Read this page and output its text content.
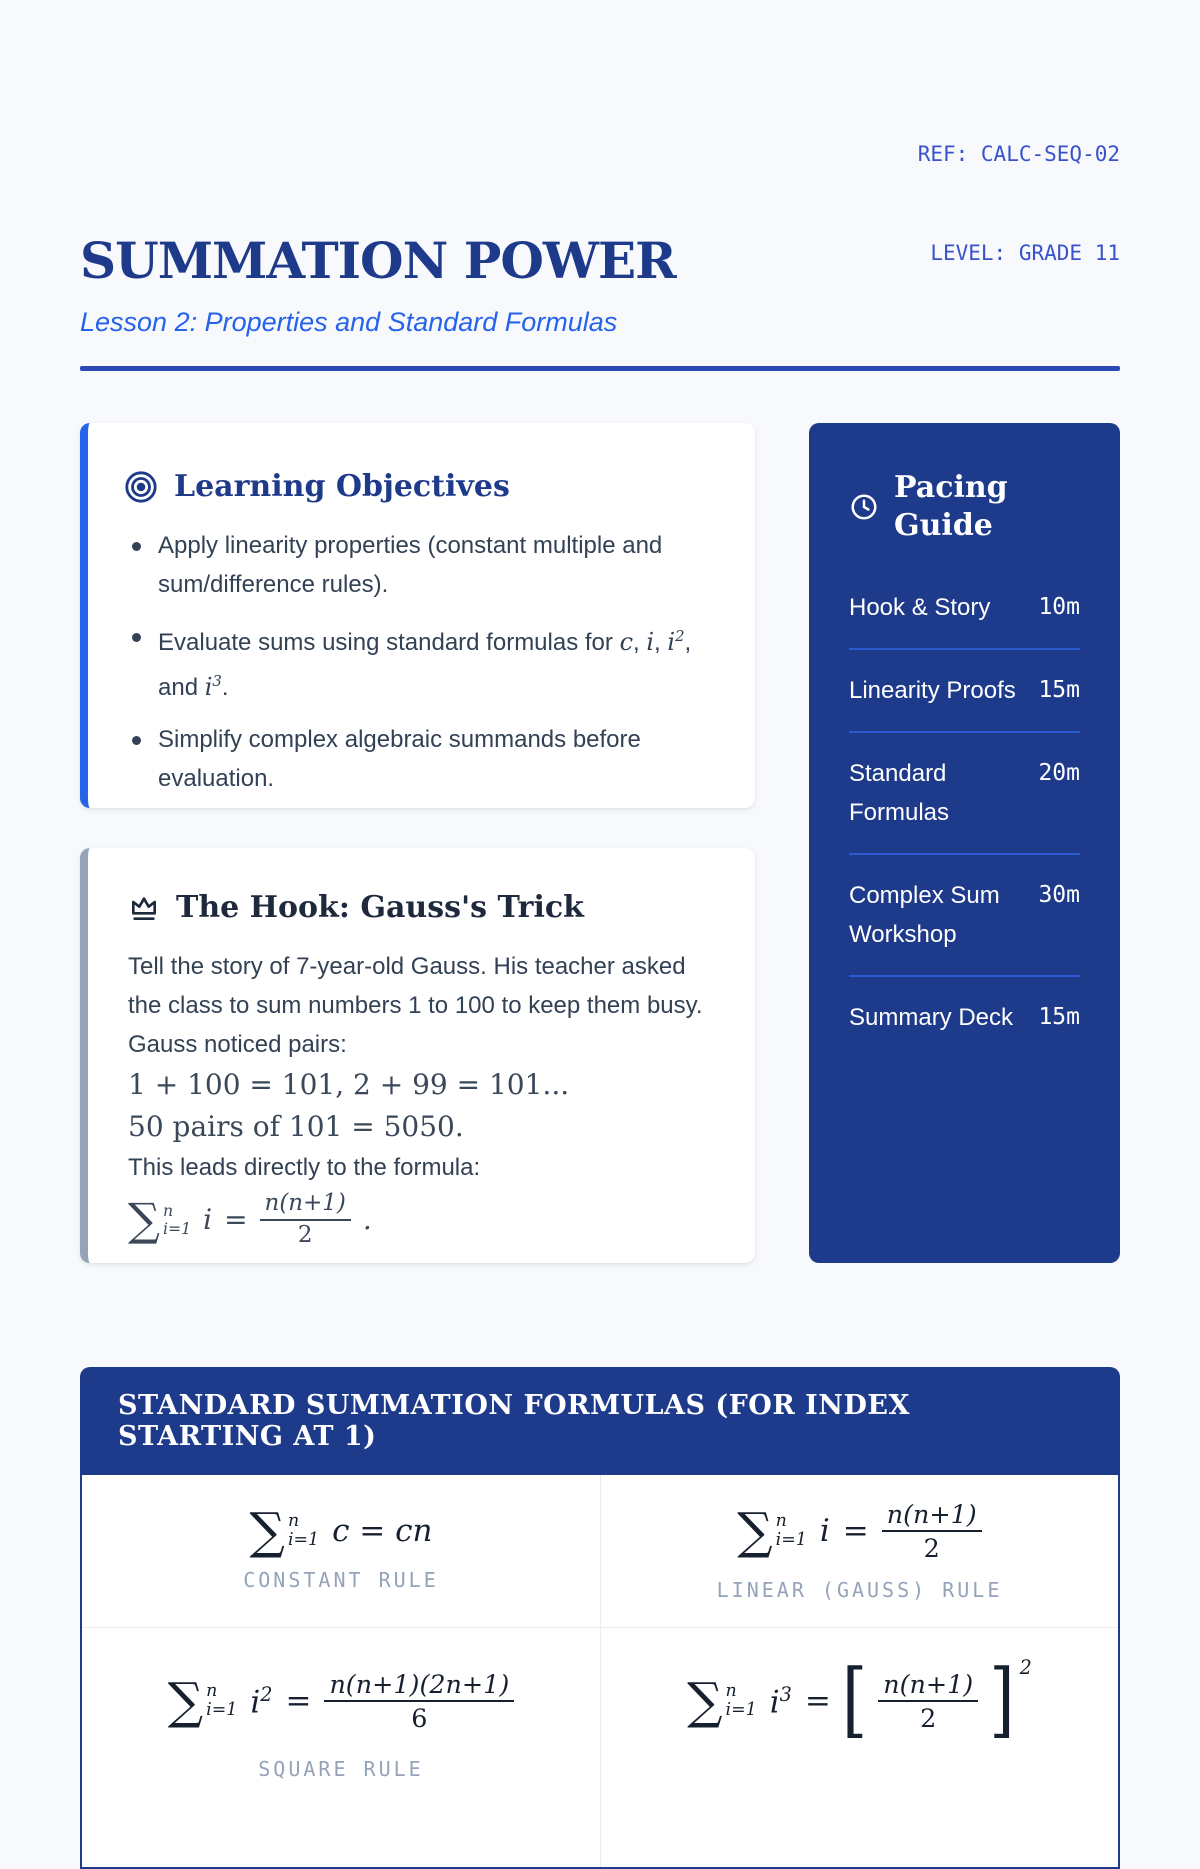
SUMMATION POWER
Lesson 2: Properties and Standard Formulas

REF: CALC-SEQ-02

LEVEL: GRADE 11

Learning Objectives
Apply linearity properties (constant multiple and sum/difference rules).
Evaluate sums using standard formulas for c, i, $i^2$, and $i^3$.
Simplify complex algebraic summands before evaluation.
The Hook: Gauss's Trick

Tell the story of 7-year-old Gauss. His teacher asked the class to sum numbers 1 to 100 to keep them busy. Gauss noticed pairs:

1 + 100 = 101, 2 + 99 = 101...
50 pairs of 101 = 5050.

This leads directly to the formula:

∑ n
i=1 $i = \frac{n(n+1)}{2}$ .
Pacing Guide
Hook & Story 10m
Linearity Proofs 15m
Standard Formulas
20m
Complex Sum Workshop
30m
Summary Deck 15m
STANDARD SUMMATION FORMULAS (FOR INDEX STARTING AT 1)
∑ n
i=1 c = cn
CONSTANT RULE
∑ n
i=1 $i = \frac{n(n+1)}{2}$
LINEAR (GAUSS) RULE
∑ n
i=1 $i^2 = \frac{n(n+1)(2n+1)}{6}$
SQUARE RULE
∑ n
i=1 $i^3$ = [ $\frac{n(n+1)}{2}$ ] 2
